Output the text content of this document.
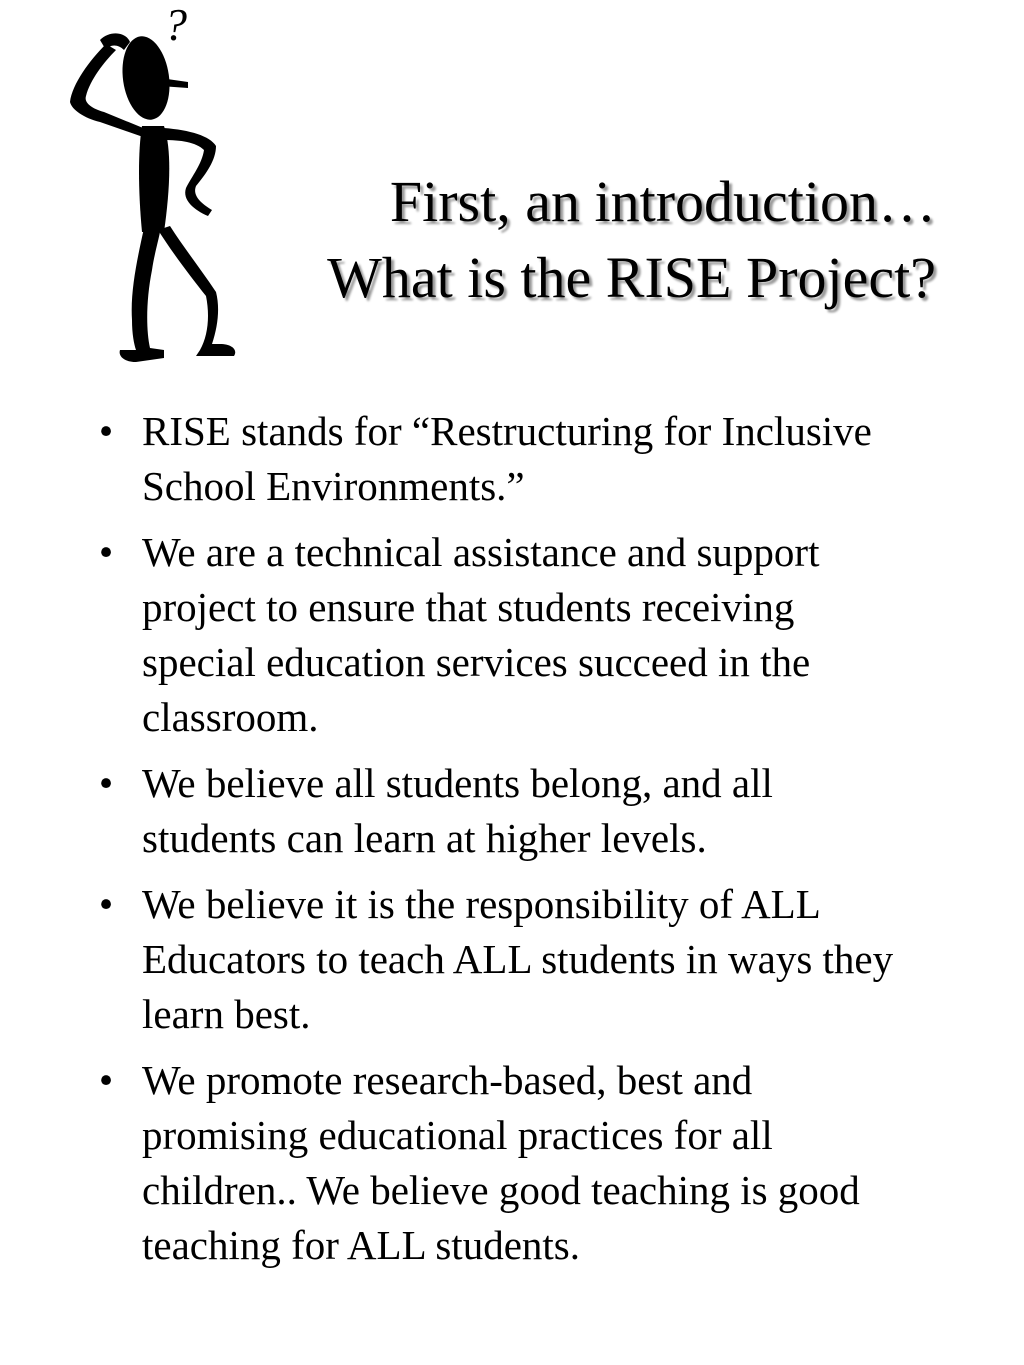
?
First, an introduction…
What is the RISE Project?
• RISE stands for “Restructuring for Inclusive School Environments.”
• We are a technical assistance and support project to ensure that students receiving special education services succeed in the classroom.
• We believe all students belong, and all students can learn at higher levels.
• We believe it is the responsibility of ALL Educators to teach ALL students in ways they learn best.
• We promote research-based, best and promising educational practices for all children.. We believe good teaching is good teaching for ALL students.
